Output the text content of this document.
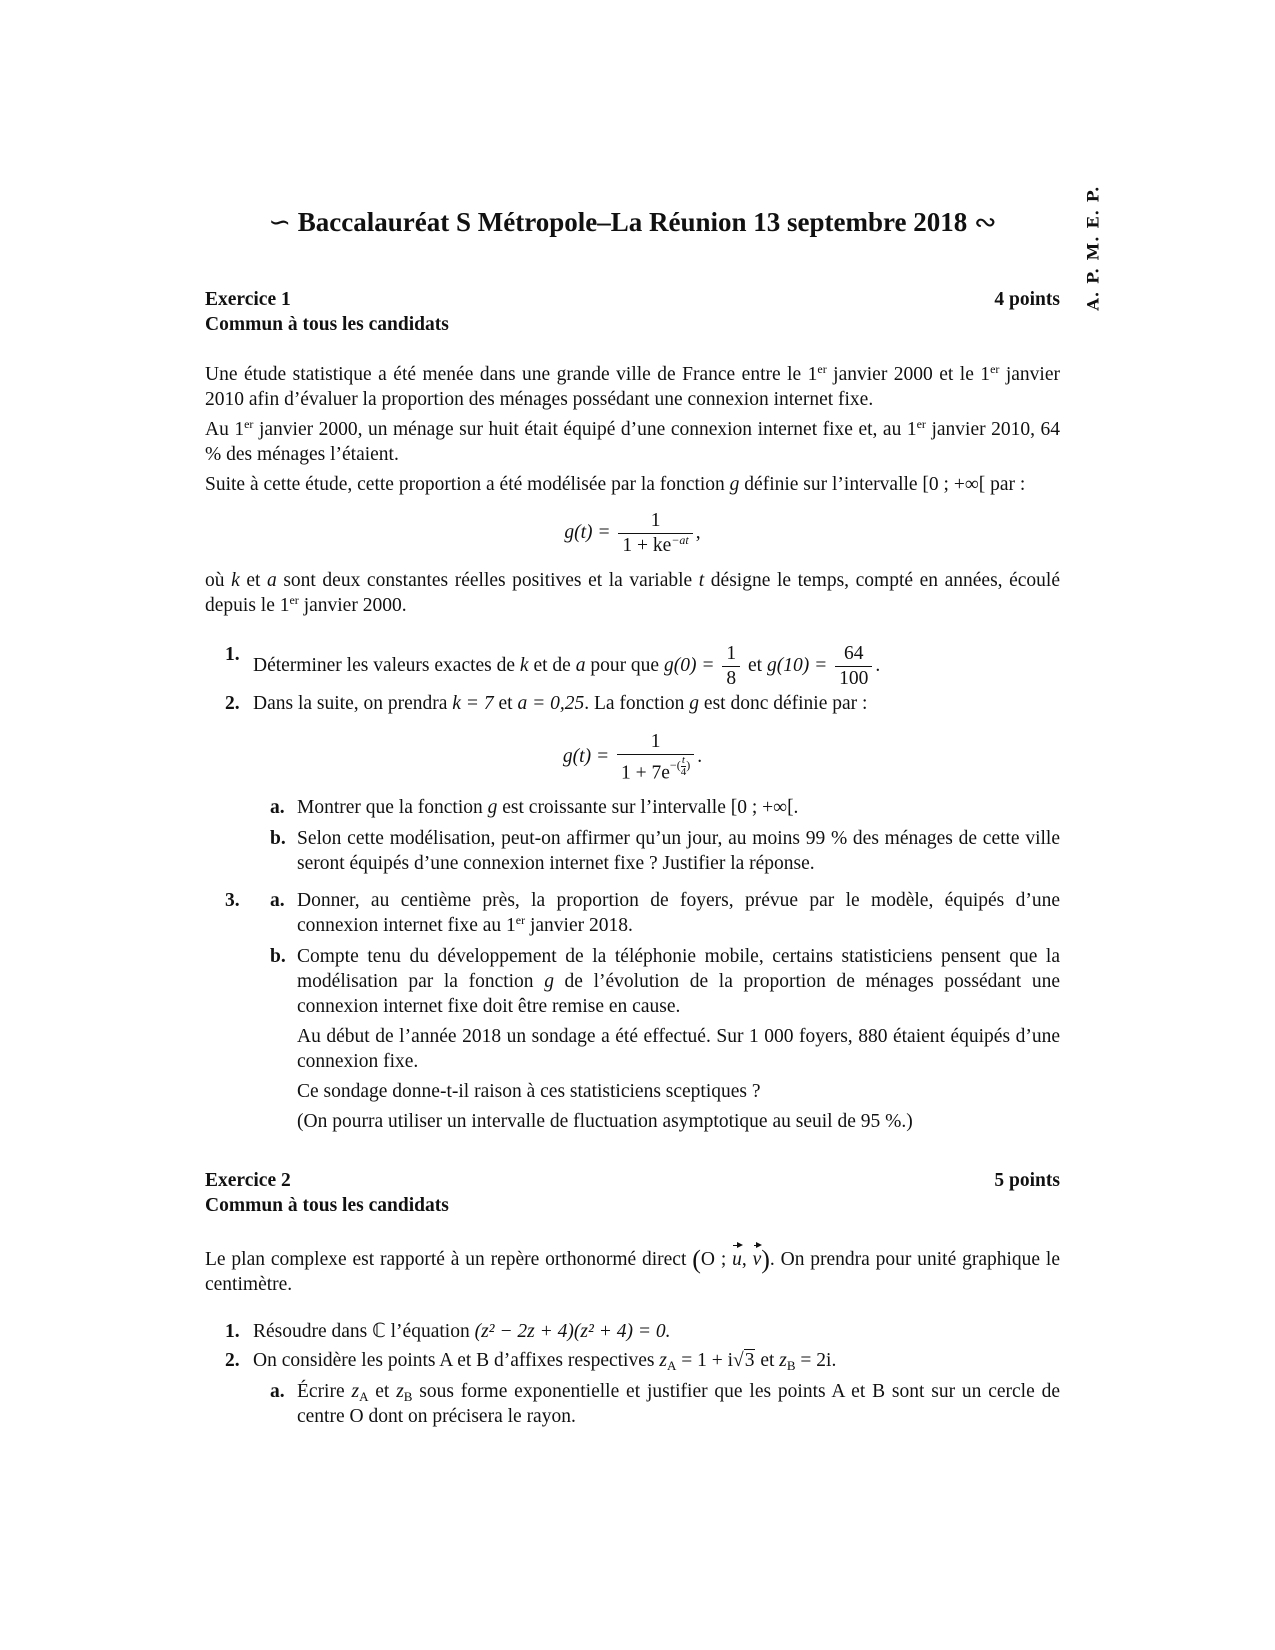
A. P. M. E. P.
∽ Baccalauréat S Métropole–La Réunion 13 septembre 2018 ∾
Exercice 1	4 points
Commun à tous les candidats

Une étude statistique a été menée dans une grande ville de France entre le 1er janvier 2000 et le 1er janvier 2010 afin d’évaluer la proportion des ménages possédant une connexion internet fixe.

Au 1er janvier 2000, un ménage sur huit était équipé d’une connexion internet fixe et, au 1er janvier 2010, 64 % des ménages l’étaient.

Suite à cette étude, cette proportion a été modélisée par la fonction g définie sur l’intervalle [0 ; +∞[ par :

$g(t) = \frac{1}{1 + ke^{-at}}$ ,

où k et a sont deux constantes réelles positives et la variable t désigne le temps, compté en années, écoulé depuis le 1er janvier 2000.

1.
Déterminer les valeurs exactes de k et de a pour que $g(0) = \frac{1}{8}$ et $g(10) = \frac{64}{100}$ .
2. Dans la suite, on prendra k = 7 et a = 0,25. La fonction g est donc définie par :
g(t) = 1
$1 + 7e^{-( \frac{t}{4} )}$ .
a. Montrer que la fonction g est croissante sur l’intervalle [0 ; +∞[.
b. Selon cette modélisation, peut-on affirmer qu’un jour, au moins 99 % des ménages de cette ville seront équipés d’une connexion internet fixe ? Justifier la réponse.
3. a. Donner, au centième près, la proportion de foyers, prévue par le modèle, équipés d’une connexion internet fixe au 1er janvier 2018.
b. Compte tenu du développement de la téléphonie mobile, certains statisticiens pensent que la modélisation par la fonction g de l’évolution de la proportion de ménages possédant une connexion internet fixe doit être remise en cause.

Au début de l’année 2018 un sondage a été effectué. Sur 1 000 foyers, 880 étaient équipés d’une connexion fixe.

Ce sondage donne-t-il raison à ces statisticiens sceptiques ?

(On pourra utiliser un intervalle de fluctuation asymptotique au seuil de 95 %.)

Exercice 2	5 points
Commun à tous les candidats

Le plan complexe est rapporté à un repère orthonormé direct (O ; u, v). On prendra pour unité graphique le centimètre.

1. Résoudre dans ℂ l’équation (z² − 2z + 4)(z² + 4) = 0.
2. On considère les points A et B d’affixes respectives $z_A = 1 + i√3$ et $z_B = 2i$.
a. Écrire $z_A$ et $z_B$ sous forme exponentielle et justifier que les points A et B sont sur un cercle de centre O dont on précisera le rayon.
